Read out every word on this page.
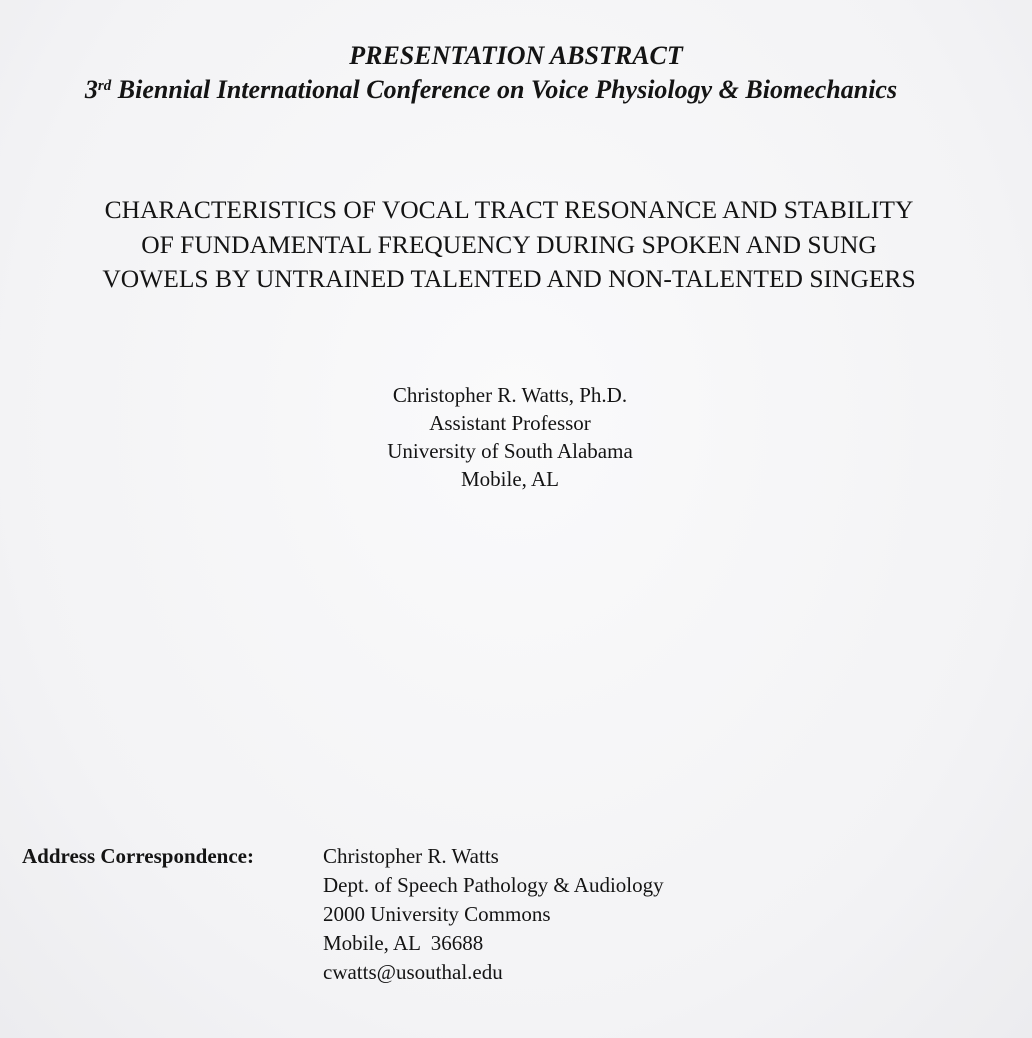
PRESENTATION ABSTRACT
3rd Biennial International Conference on Voice Physiology & Biomechanics
CHARACTERISTICS OF VOCAL TRACT RESONANCE AND STABILITY
OF FUNDAMENTAL FREQUENCY DURING SPOKEN AND SUNG
VOWELS BY UNTRAINED TALENTED AND NON-TALENTED SINGERS
Christopher R. Watts, Ph.D.
Assistant Professor
University of South Alabama
Mobile, AL
Address Correspondence:	Christopher R. Watts
Dept. of Speech Pathology & Audiology
2000 University Commons
Mobile, AL  36688
cwatts@usouthal.edu
